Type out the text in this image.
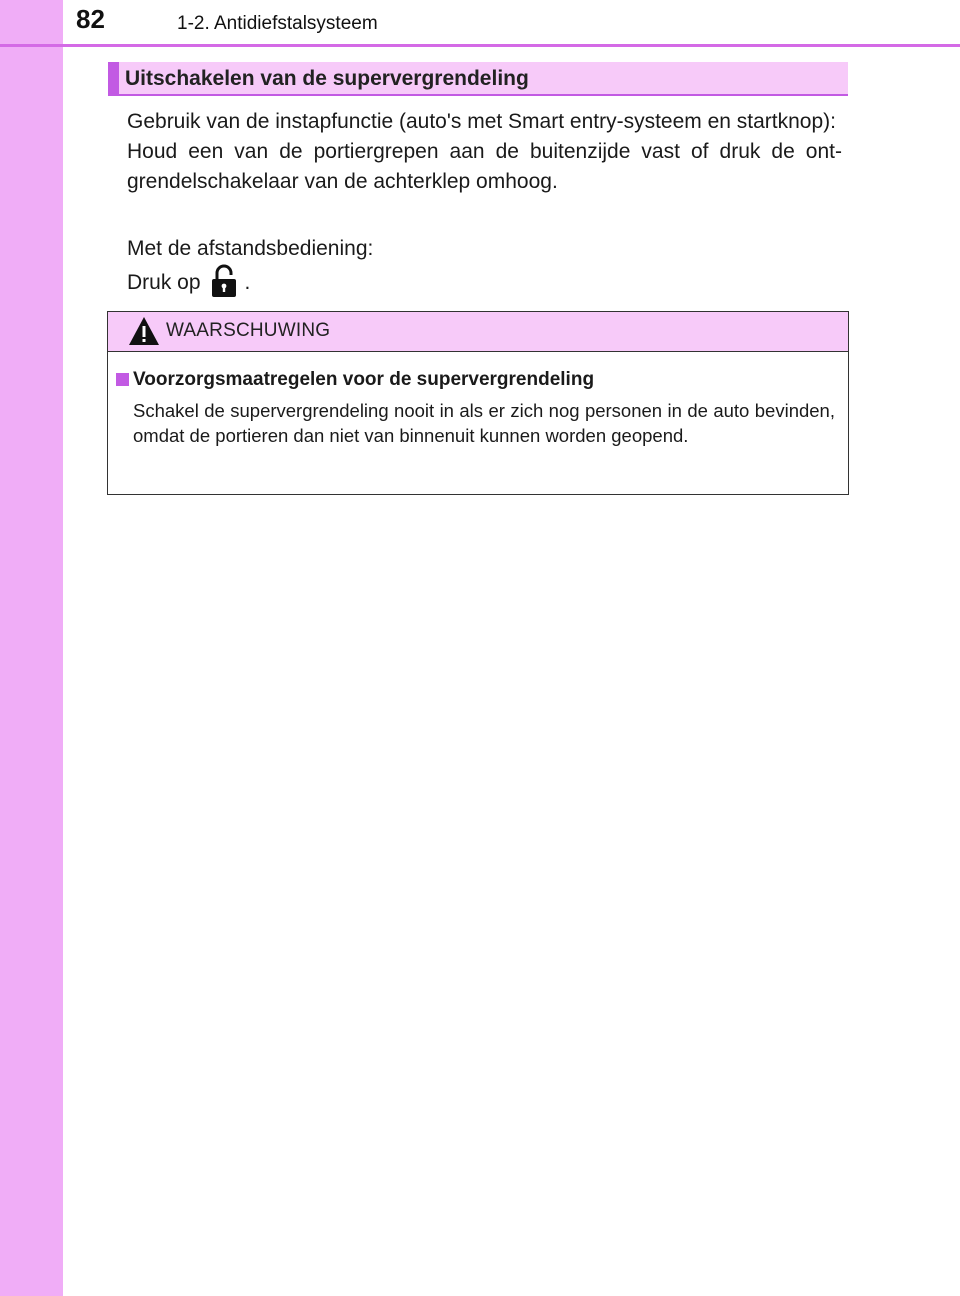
82	1-2. Antidiefstalsysteem
Uitschakelen van de supervergrendeling
Gebruik van de instapfunctie (auto's met Smart entry-systeem en startknop):
Houd een van de portiergrepen aan de buitenzijde vast of druk de ont-grendelschakelaar van de achterklep omhoog.
Met de afstandsbediening:
Druk op .
WAARSCHUWING
Voorzorgsmaatregelen voor de supervergrendeling
Schakel de supervergrendeling nooit in als er zich nog personen in de auto bevinden, omdat de portieren dan niet van binnenuit kunnen worden geopend.
